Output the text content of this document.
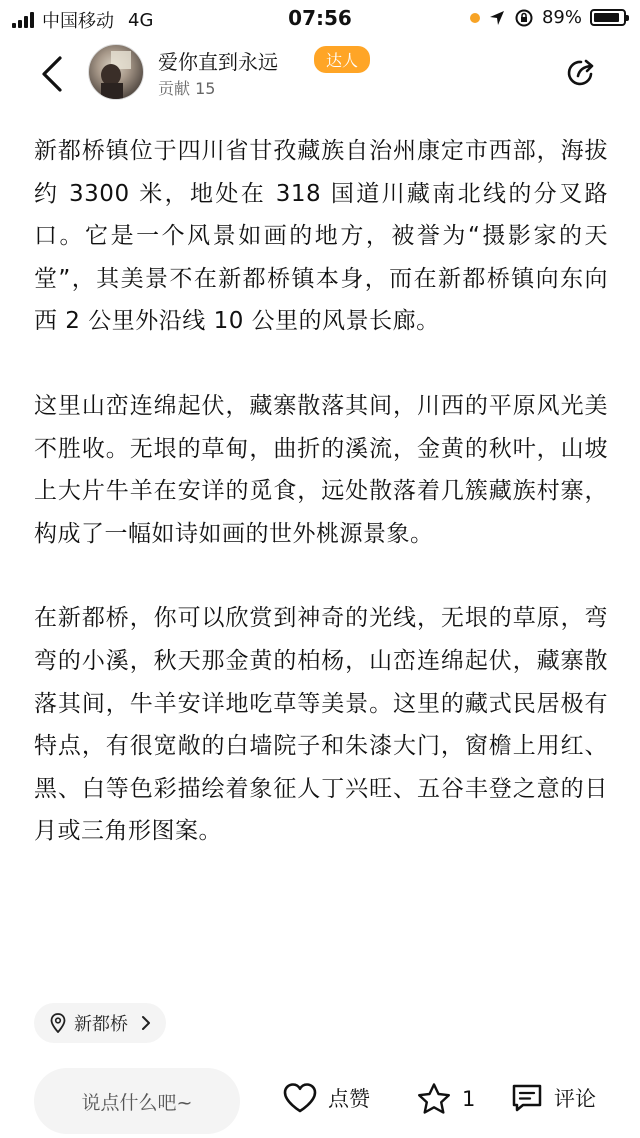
中国移动 4G	07:56	89%
爱你直到永远	达人
贡献 15

新都桥镇位于四川省甘孜藏族自治州康定市西部，海拔约 3300 米，地处在 318 国道川藏南北线的分叉路口。它是一个风景如画的地方，被誉为“摄影家的天堂”，其美景不在新都桥镇本身，而在新都桥镇向东向西 2 公里外沿线 10 公里的风景长廊。

这里山峦连绵起伏，藏寨散落其间，川西的平原风光美不胜收。无垠的草甸，曲折的溪流，金黄的秋叶，山坡上大片牛羊在安详的觅食，远处散落着几簇藏族村寨，构成了一幅如诗如画的世外桃源景象。

在新都桥，你可以欣赏到神奇的光线，无垠的草原，弯弯的小溪，秋天那金黄的柏杨，山峦连绵起伏，藏寨散落其间，牛羊安详地吃草等美景。这里的藏式民居极有特点，有很宽敞的白墙院子和朱漆大门，窗檐上用红、黑、白等色彩描绘着象征人丁兴旺、五谷丰登之意的日月或三角形图案。

新都桥
说点什么吧~	点赞	1	评论
